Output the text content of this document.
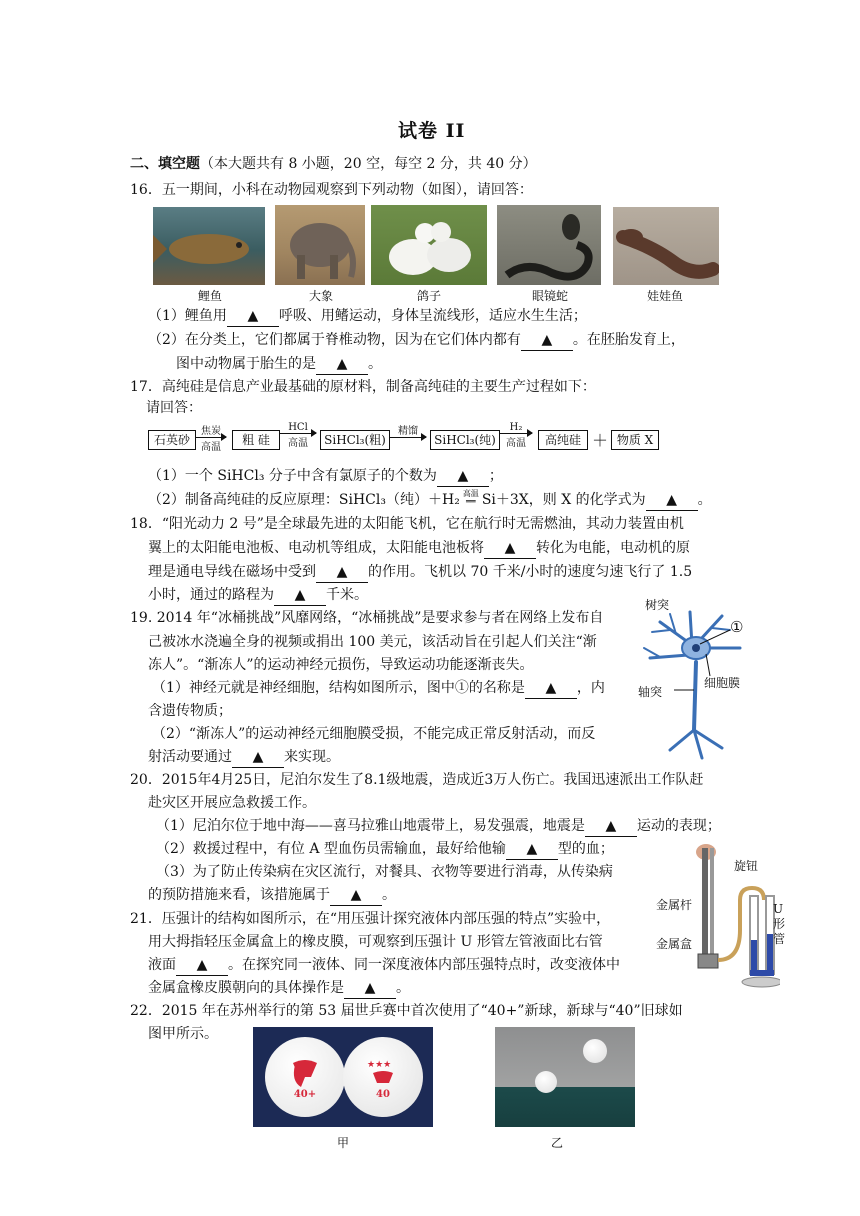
试卷 II
二、填空题（本大题共有 8 小题，20 空，每空 2 分，共 40 分）
16．五一期间，小科在动物园观察到下列动物（如图），请回答：
鲤鱼	大象	鸽子	眼镜蛇	娃娃鱼
（1）鲤鱼用 ▲ 呼吸、用鳍运动，身体呈流线形，适应水生生活；
（2）在分类上，它们都属于脊椎动物，因为在它们体内都有 ▲ 。在胚胎发育上，
图中动物属于胎生的是 ▲ 。
17．高纯硅是信息产业最基础的原材料，制备高纯硅的主要生产过程如下：
请回答：
石英砂
焦炭
高温
粗 硅
HCl
高温	SiHCl₃(粗)
精馏
SiHCl₃(纯)
H₂
高温	高纯硅 ＋ 物质 X
（1）一个 SiHCl₃ 分子中含有氯原子的个数为 ▲ ；
（2）制备高纯硅的反应原理：SiHCl₃（纯）＋H₂ 高温
══ Si＋3X，则 X 的化学式为 ▲ 。
18．“阳光动力 2 号”是全球最先进的太阳能飞机，它在航行时无需燃油，其动力装置由机
翼上的太阳能电池板、电动机等组成，太阳能电池板将 ▲ 转化为电能，电动机的原
理是通电导线在磁场中受到 ▲ 的作用。飞机以 70 千米/小时的速度匀速飞行了 1.5
小时，通过的路程为 ▲ 千米。
19. 2014 年“冰桶挑战”风靡网络，“冰桶挑战”是要求参与者在网络上发布自
己被冰水浇遍全身的视频或捐出 100 美元，该活动旨在引起人们关注“渐
冻人”。“渐冻人”的运动神经元损伤，导致运动功能逐渐丧失。
（1）神经元就是神经细胞，结构如图所示，图中①的名称是 ▲ ，内
含遗传物质；
（2）“渐冻人”的运动神经元细胞膜受损，不能完成正常反射活动，而反
射活动要通过 ▲ 来实现。
树突
①
细胞膜
轴突
20．2015年4月25日，尼泊尔发生了8.1级地震，造成近3万人伤亡。我国迅速派出工作队赶
赴灾区开展应急救援工作。
（1）尼泊尔位于地中海——喜马拉雅山地震带上，易发强震，地震是 ▲ 运动的表现；
（2）救援过程中，有位 A 型血伤员需输血，最好给他输 ▲ 型的血；
（3）为了防止传染病在灾区流行，对餐具、衣物等要进行消毒，从传染病
的预防措施来看，该措施属于 ▲ 。
21．压强计的结构如图所示，在“用压强计探究液体内部压强的特点”实验中，
用大拇指轻压金属盒上的橡皮膜，可观察到压强计 U 形管左管液面比右管
液面 ▲ 。在探究同一液体、同一深度液体内部压强特点时，改变液体中
金属盒橡皮膜朝向的具体操作是 ▲ 。
旋钮
金属杆
金属盒
U
形
管
22．2015 年在苏州举行的第 53 届世乒赛中首次使用了“40+”新球，新球与“40”旧球如
图甲所示。
40+
★★★
40
甲	乙
